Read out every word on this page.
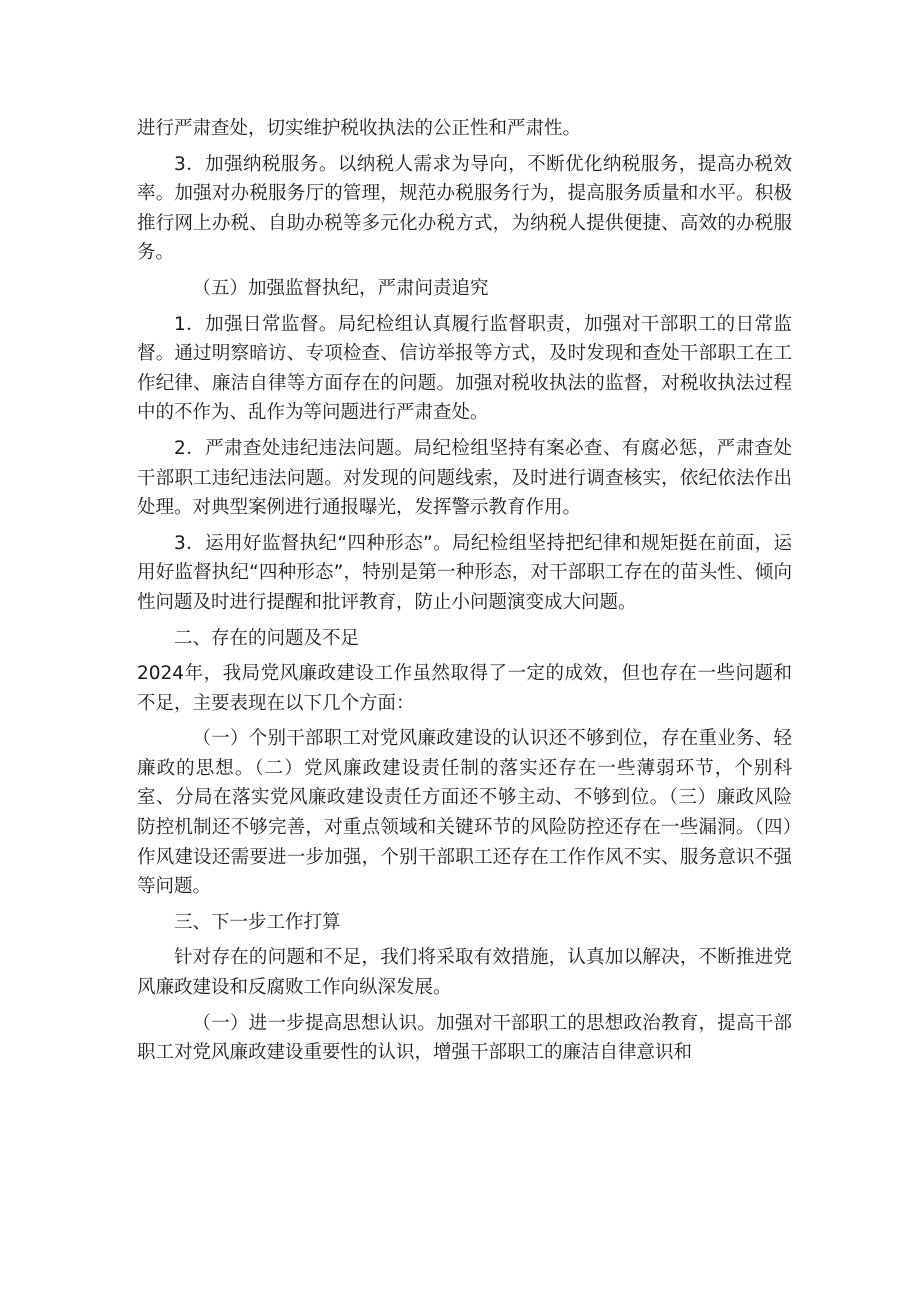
进行严肃查处，切实维护税收执法的公正性和严肃性。

3．加强纳税服务。以纳税人需求为导向，不断优化纳税服务，提高办税效率。加强对办税服务厅的管理，规范办税服务行为，提高服务质量和水平。积极推行网上办税、自助办税等多元化办税方式，为纳税人提供便捷、高效的办税服务。

（五）加强监督执纪，严肃问责追究

1．加强日常监督。局纪检组认真履行监督职责，加强对干部职工的日常监督。通过明察暗访、专项检查、信访举报等方式，及时发现和查处干部职工在工作纪律、廉洁自律等方面存在的问题。加强对税收执法的监督，对税收执法过程中的不作为、乱作为等问题进行严肃查处。

2．严肃查处违纪违法问题。局纪检组坚持有案必查、有腐必惩，严肃查处干部职工违纪违法问题。对发现的问题线索，及时进行调查核实，依纪依法作出处理。对典型案例进行通报曝光，发挥警示教育作用。

3．运用好监督执纪“四种形态”。局纪检组坚持把纪律和规矩挺在前面，运用好监督执纪“四种形态”，特别是第一种形态，对干部职工存在的苗头性、倾向性问题及时进行提醒和批评教育，防止小问题演变成大问题。

二、存在的问题及不足

2024年，我局党风廉政建设工作虽然取得了一定的成效，但也存在一些问题和不足，主要表现在以下几个方面：

（一）个别干部职工对党风廉政建设的认识还不够到位，存在重业务、轻廉政的思想。（二）党风廉政建设责任制的落实还存在一些薄弱环节，个别科室、分局在落实党风廉政建设责任方面还不够主动、不够到位。（三）廉政风险防控机制还不够完善，对重点领域和关键环节的风险防控还存在一些漏洞。（四）作风建设还需要进一步加强，个别干部职工还存在工作作风不实、服务意识不强等问题。

三、下一步工作打算

针对存在的问题和不足，我们将采取有效措施，认真加以解决，不断推进党风廉政建设和反腐败工作向纵深发展。

（一）进一步提高思想认识。加强对干部职工的思想政治教育，提高干部职工对党风廉政建设重要性的认识，增强干部职工的廉洁自律意识和
